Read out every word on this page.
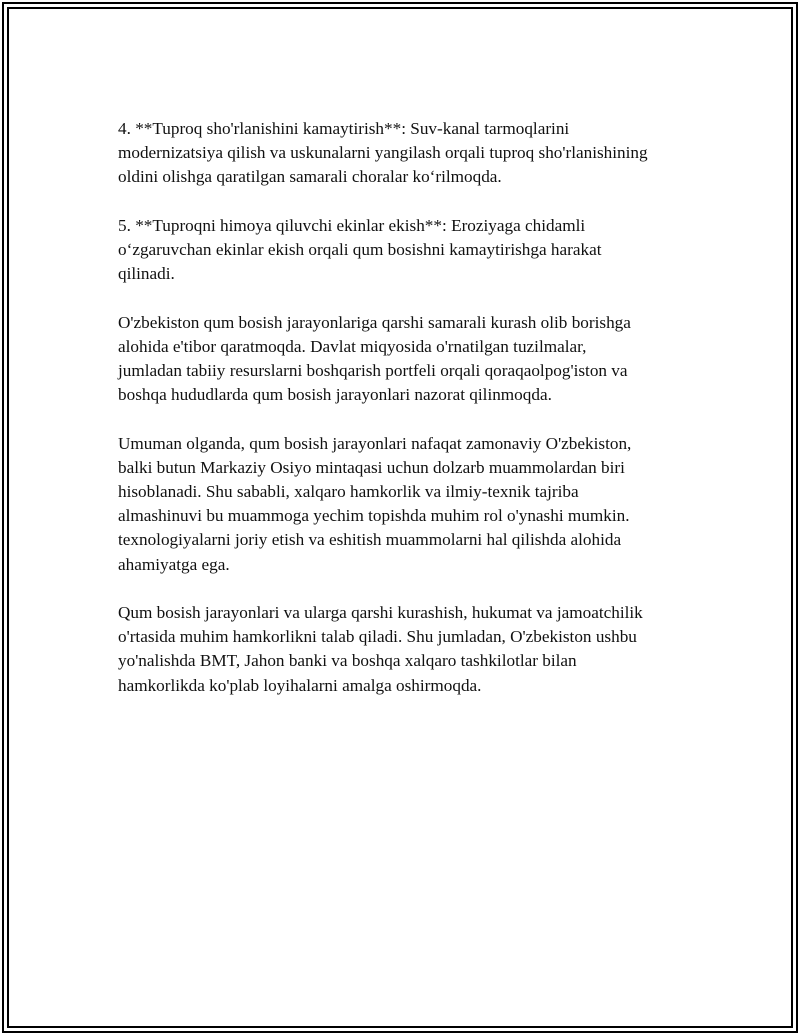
4. **Tuproq sho'rlanishini kamaytirish**: Suv-kanal tarmoqlarini
modernizatsiya qilish va uskunalarni yangilash orqali tuproq sho'rlanishining
oldini olishga qaratilgan samarali choralar ko‘rilmoqda.

5. **Tuproqni himoya qiluvchi ekinlar ekish**: Eroziyaga chidamli
o‘zgaruvchan ekinlar ekish orqali qum bosishni kamaytirishga harakat
qilinadi.

O'zbekiston qum bosish jarayonlariga qarshi samarali kurash olib borishga
alohida e'tibor qaratmoqda. Davlat miqyosida o'rnatilgan tuzilmalar,
jumladan tabiiy resurslarni boshqarish portfeli orqali qoraqaolpog'iston va
boshqa hududlarda qum bosish jarayonlari nazorat qilinmoqda.

Umuman olganda, qum bosish jarayonlari nafaqat zamonaviy O'zbekiston,
balki butun Markaziy Osiyo mintaqasi uchun dolzarb muammolardan biri
hisoblanadi. Shu sababli, xalqaro hamkorlik va ilmiy-texnik tajriba
almashinuvi bu muammoga yechim topishda muhim rol o'ynashi mumkin.
texnologiyalarni joriy etish va eshitish muammolarni hal qilishda alohida
ahamiyatga ega.

Qum bosish jarayonlari va ularga qarshi kurashish, hukumat va jamoatchilik
o'rtasida muhim hamkorlikni talab qiladi. Shu jumladan, O'zbekiston ushbu
yo'nalishda BMT, Jahon banki va boshqa xalqaro tashkilotlar bilan
hamkorlikda ko'plab loyihalarni amalga oshirmoqda.
